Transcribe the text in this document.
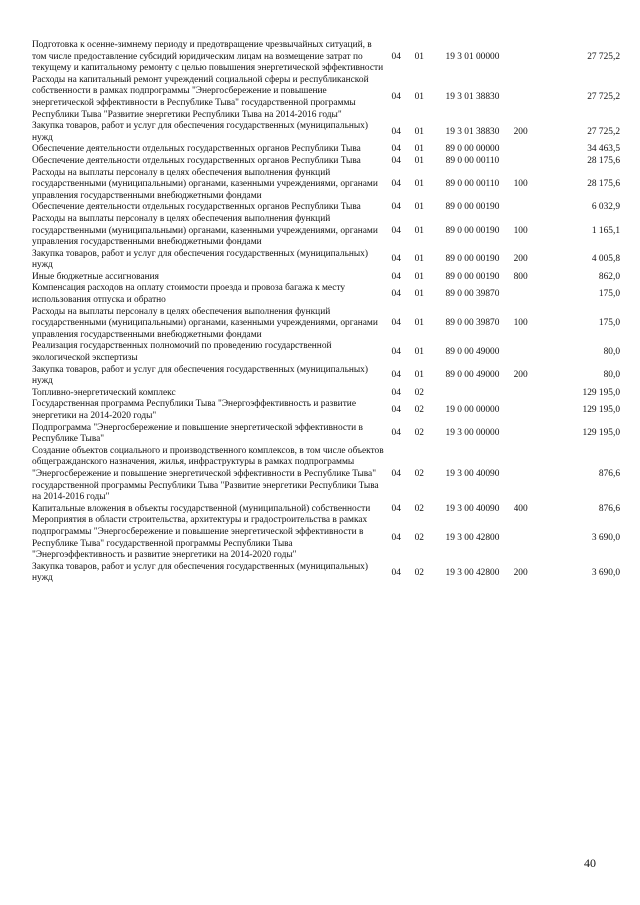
Подготовка к осенне-зимнему периоду и предотвращение чрезвычайных ситуаций, в том числе предоставление субсидий юридическим лицам на возмещение затрат по текущему и капитальному ремонту с целью повышения энергетической эффективности	04	01	19 3 01 00000		27 725,2
Расходы на капитальный ремонт учреждений социальной сферы и республиканской собственности в рамках подпрограммы "Энергосбережение и повышение энергетической эффективности в Республике Тыва" государственной программы Республики Тыва "Развитие энергетики Республики Тыва на 2014-2016 годы"	04	01	19 3 01 38830		27 725,2
Закупка товаров, работ и услуг для обеспечения государственных (муниципальных) нужд	04	01	19 3 01 38830	200	27 725,2
Обеспечение деятельности отдельных государственных органов Республики Тыва	04	01	89 0 00 00000		34 463,5
Обеспечение деятельности отдельных государственных органов Республики Тыва	04	01	89 0 00 00110		28 175,6
Расходы на выплаты персоналу в целях обеспечения выполнения функций государственными (муниципальными) органами, казенными учреждениями, органами управления государственными внебюджетными фондами	04	01	89 0 00 00110	100	28 175,6
Обеспечение деятельности отдельных государственных органов Республики Тыва	04	01	89 0 00 00190		6 032,9
Расходы на выплаты персоналу в целях обеспечения выполнения функций государственными (муниципальными) органами, казенными учреждениями, органами управления государственными внебюджетными фондами	04	01	89 0 00 00190	100	1 165,1
Закупка товаров, работ и услуг для обеспечения государственных (муниципальных) нужд	04	01	89 0 00 00190	200	4 005,8
Иные бюджетные ассигнования	04	01	89 0 00 00190	800	862,0
Компенсация расходов на оплату стоимости проезда и провоза багажа к месту использования отпуска и обратно	04	01	89 0 00 39870		175,0
Расходы на выплаты персоналу в целях обеспечения выполнения функций государственными (муниципальными) органами, казенными учреждениями, органами управления государственными внебюджетными фондами	04	01	89 0 00 39870	100	175,0
Реализация государственных полномочий по проведению государственной экологической экспертизы	04	01	89 0 00 49000		80,0
Закупка товаров, работ и услуг для обеспечения государственных (муниципальных) нужд	04	01	89 0 00 49000	200	80,0
Топливно-энергетический комплекс	04	02			129 195,0
Государственная программа Республики Тыва "Энергоэффективность и развитие энергетики на 2014-2020 годы"	04	02	19 0 00 00000		129 195,0
Подпрограмма "Энергосбережение и повышение энергетической эффективности в Республике Тыва"	04	02	19 3 00 00000		129 195,0
Создание объектов социального и производственного комплексов, в том числе объектов общегражданского назначения, жилья, инфраструктуры в рамках подпрограммы "Энергосбережение и повышение энергетической эффективности в Республике Тыва" государственной программы Республики Тыва "Развитие энергетики Республики Тыва на 2014-2016 годы"	04	02	19 3 00 40090		876,6
Капитальные вложения в объекты государственной (муниципальной) собственности	04	02	19 3 00 40090	400	876,6
Мероприятия в области строительства, архитектуры и градостроительства в рамках подпрограммы "Энергосбережение и повышение энергетической эффективности в Республике Тыва" государственной программы Республики Тыва "Энергоэффективность и развитие энергетики на 2014-2020 годы"	04	02	19 3 00 42800		3 690,0
Закупка товаров, работ и услуг для обеспечения государственных (муниципальных) нужд	04	02	19 3 00 42800	200	3 690,0
40
